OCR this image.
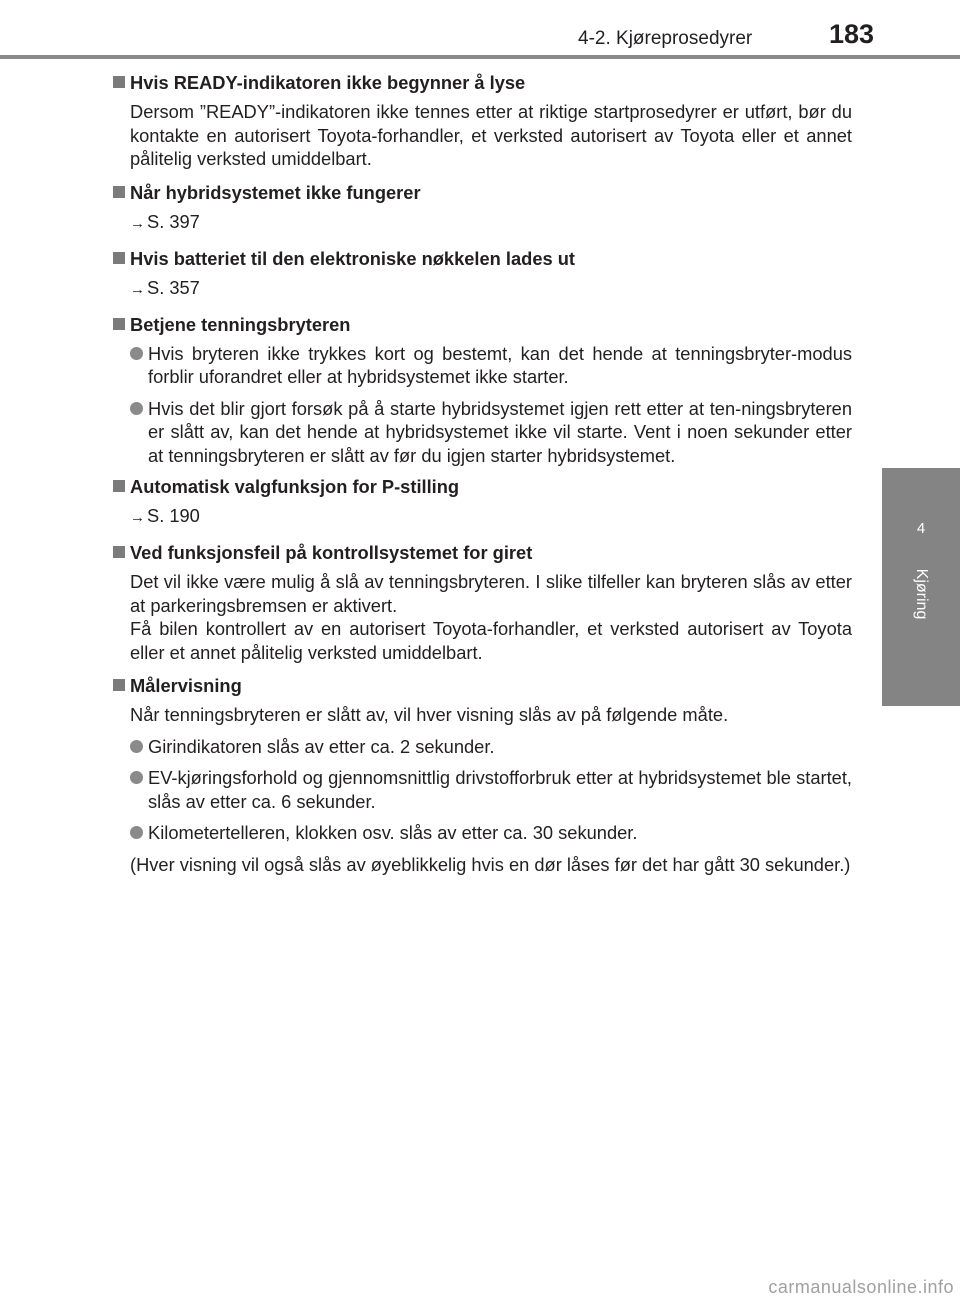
4-2. Kjøreprosedyrer	183
4
Kjøring
Hvis READY-indikatoren ikke begynner å lyse
Dersom ”READY”-indikatoren ikke tennes etter at riktige startprosedyrer er utført, bør du kontakte en autorisert Toyota-forhandler, et verksted autorisert av Toyota eller et annet pålitelig verksted umiddelbart.
Når hybridsystemet ikke fungerer
→ S. 397
Hvis batteriet til den elektroniske nøkkelen lades ut
→ S. 357
Betjene tenningsbryteren
Hvis bryteren ikke trykkes kort og bestemt, kan det hende at tenningsbryter-modus forblir uforandret eller at hybridsystemet ikke starter.
Hvis det blir gjort forsøk på å starte hybridsystemet igjen rett etter at ten-ningsbryteren er slått av, kan det hende at hybridsystemet ikke vil starte. Vent i noen sekunder etter at tenningsbryteren er slått av før du igjen starter hybridsystemet.
Automatisk valgfunksjon for P-stilling
→ S. 190
Ved funksjonsfeil på kontrollsystemet for giret
Det vil ikke være mulig å slå av tenningsbryteren. I slike tilfeller kan bryteren slås av etter at parkeringsbremsen er aktivert.
Få bilen kontrollert av en autorisert Toyota-forhandler, et verksted autorisert av Toyota eller et annet pålitelig verksted umiddelbart.
Målervisning
Når tenningsbryteren er slått av, vil hver visning slås av på følgende måte.
Girindikatoren slås av etter ca. 2 sekunder.
EV-kjøringsforhold og gjennomsnittlig drivstofforbruk etter at hybridsystemet ble startet, slås av etter ca. 6 sekunder.
Kilometertelleren, klokken osv. slås av etter ca. 30 sekunder.
(Hver visning vil også slås av øyeblikkelig hvis en dør låses før det har gått 30 sekunder.)
carmanualsonline.info
